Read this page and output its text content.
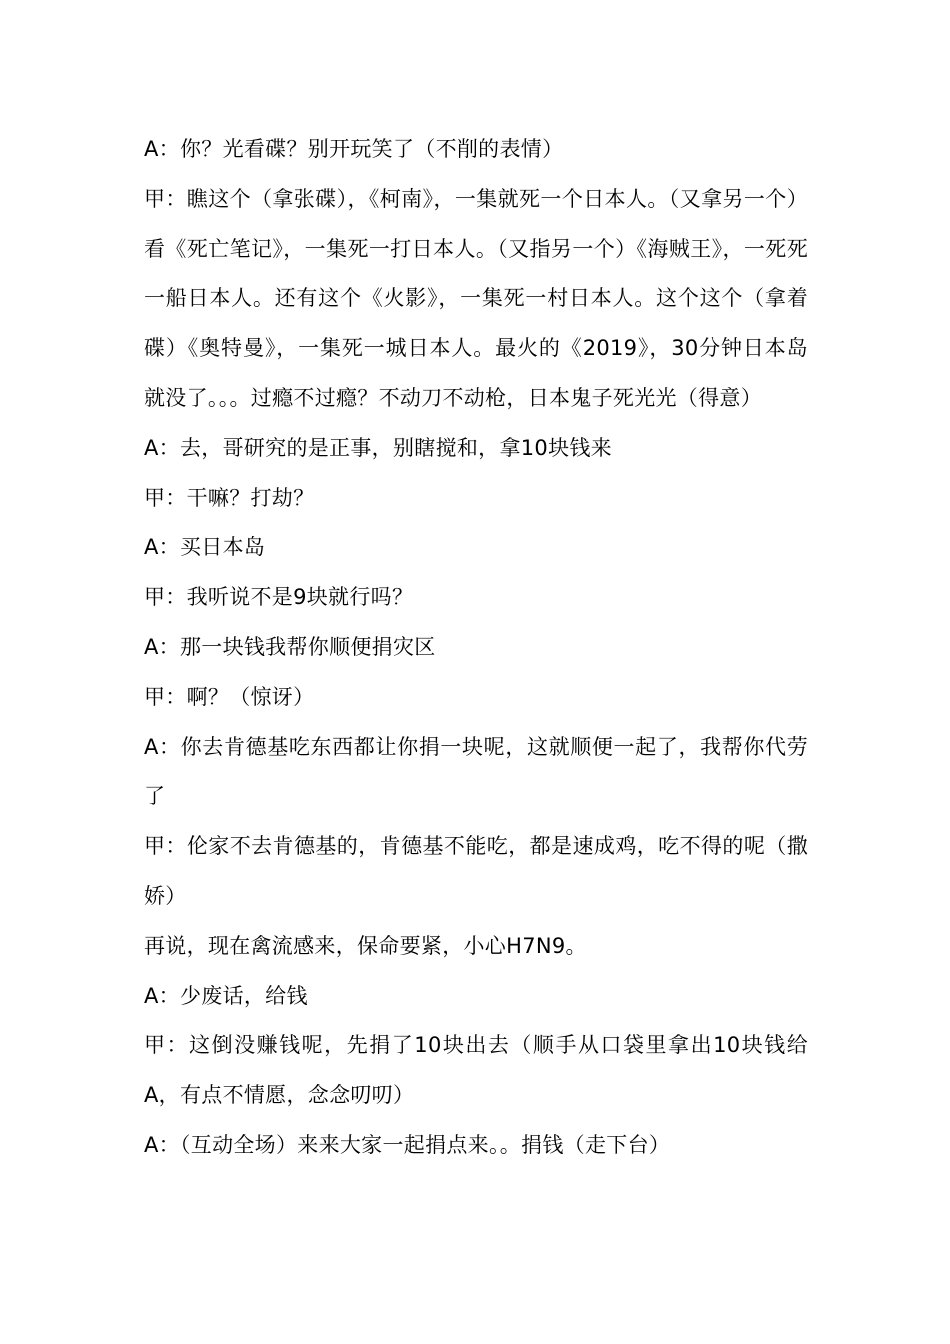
A：你？光看碟？别开玩笑了（不削的表情）

甲：瞧这个（拿张碟），《柯南》，一集就死一个日本人。（又拿另一个）看《死亡笔记》，一集死一打日本人。（又指另一个）《海贼王》，一死死一船日本人。还有这个《火影》，一集死一村日本人。这个这个（拿着碟）《奥特曼》，一集死一城日本人。最火的《2019》，30分钟日本岛就没了。。。过瘾不过瘾？不动刀不动枪，日本鬼子死光光（得意）

A：去，哥研究的是正事，别瞎搅和，拿10块钱来

甲：干嘛？打劫？

A：买日本岛

甲：我听说不是9块就行吗？

A：那一块钱我帮你顺便捐灾区

甲：啊？（惊讶）

A：你去肯德基吃东西都让你捐一块呢，这就顺便一起了，我帮你代劳了

甲：伦家不去肯德基的，肯德基不能吃，都是速成鸡，吃不得的呢（撒娇）

再说，现在禽流感来，保命要紧，小心H7N9。

A：少废话，给钱

甲：这倒没赚钱呢，先捐了10块出去（顺手从口袋里拿出10块钱给A，有点不情愿，念念叨叨）

A：（互动全场）来来大家一起捐点来。。捐钱（走下台）
